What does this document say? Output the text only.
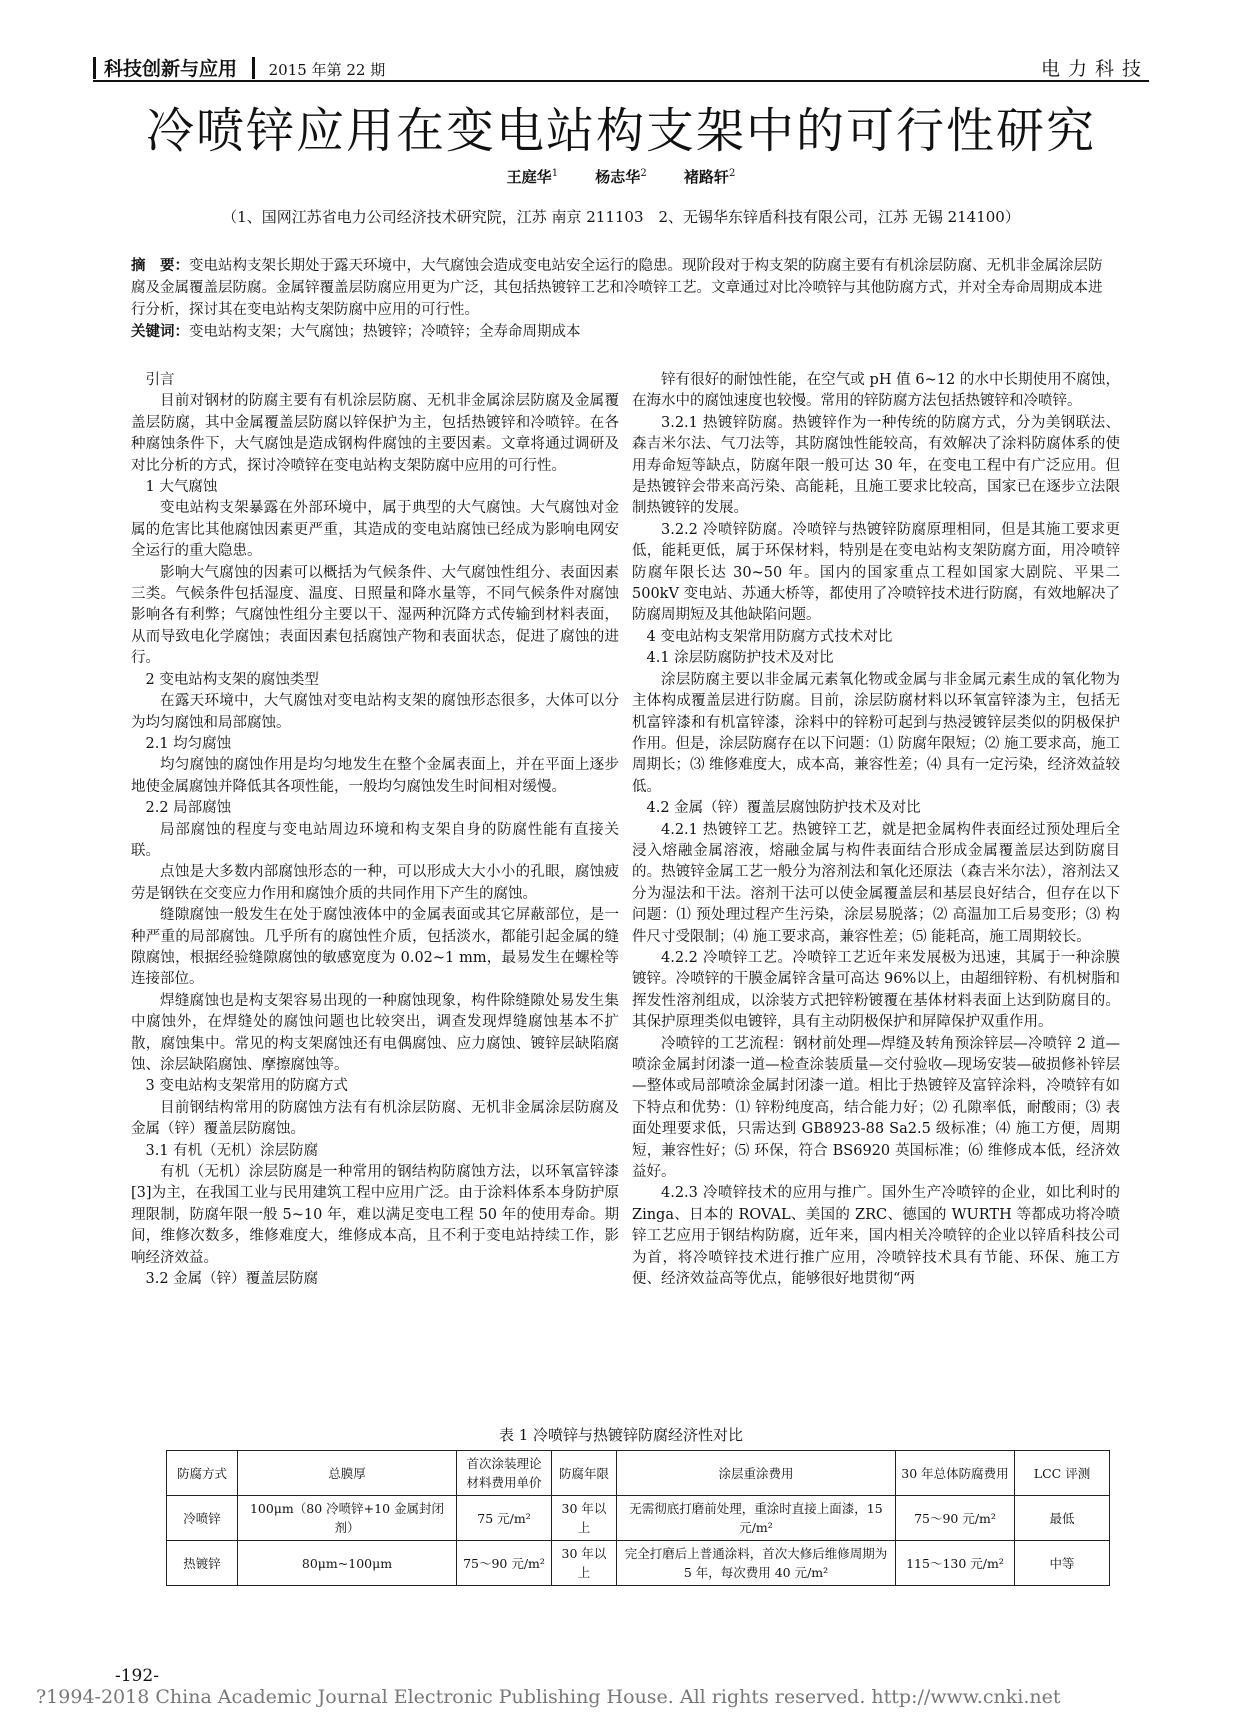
科技创新与应用 2015 年第 22 期	电力科技
冷喷锌应用在变电站构支架中的可行性研究
王庭华$^1$ 杨志华$^2$ 褚路轩$^2$
（1、国网江苏省电力公司经济技术研究院，江苏 南京 211103　2、无锡华东锌盾科技有限公司，江苏 无锡 214100）
摘　要：变电站构支架长期处于露天环境中，大气腐蚀会造成变电站安全运行的隐患。现阶段对于构支架的防腐主要有有机涂层防腐、无机非金属涂层防腐及金属覆盖层防腐。金属锌覆盖层防腐应用更为广泛，其包括热镀锌工艺和冷喷锌工艺。文章通过对比冷喷锌与其他防腐方式，并对全寿命周期成本进行分析，探讨其在变电站构支架防腐中应用的可行性。
关键词：变电站构支架；大气腐蚀；热镀锌；冷喷锌；全寿命周期成本

引言

目前对钢材的防腐主要有有机涂层防腐、无机非金属涂层防腐及金属覆盖层防腐，其中金属覆盖层防腐以锌保护为主，包括热镀锌和冷喷锌。在各种腐蚀条件下，大气腐蚀是造成钢构件腐蚀的主要因素。文章将通过调研及对比分析的方式，探讨冷喷锌在变电站构支架防腐中应用的可行性。

1 大气腐蚀

变电站构支架暴露在外部环境中，属于典型的大气腐蚀。大气腐蚀对金属的危害比其他腐蚀因素更严重，其造成的变电站腐蚀已经成为影响电网安全运行的重大隐患。

影响大气腐蚀的因素可以概括为气候条件、大气腐蚀性组分、表面因素三类。气候条件包括湿度、温度、日照量和降水量等，不同气候条件对腐蚀影响各有利弊；气腐蚀性组分主要以干、湿两种沉降方式传输到材料表面，从而导致电化学腐蚀；表面因素包括腐蚀产物和表面状态，促进了腐蚀的进行。

2 变电站构支架的腐蚀类型

在露天环境中，大气腐蚀对变电站构支架的腐蚀形态很多，大体可以分为均匀腐蚀和局部腐蚀。

2.1 均匀腐蚀

均匀腐蚀的腐蚀作用是均匀地发生在整个金属表面上，并在平面上逐步地使金属腐蚀并降低其各项性能，一般均匀腐蚀发生时间相对缓慢。

2.2 局部腐蚀

局部腐蚀的程度与变电站周边环境和构支架自身的防腐性能有直接关联。

点蚀是大多数内部腐蚀形态的一种，可以形成大大小小的孔眼，腐蚀疲劳是钢铁在交变应力作用和腐蚀介质的共同作用下产生的腐蚀。

缝隙腐蚀一般发生在处于腐蚀液体中的金属表面或其它屏蔽部位，是一种严重的局部腐蚀。几乎所有的腐蚀性介质，包括淡水，都能引起金属的缝隙腐蚀，根据经验缝隙腐蚀的敏感宽度为 0.02~1 mm，最易发生在螺栓等连接部位。

焊缝腐蚀也是构支架容易出现的一种腐蚀现象，构件除缝隙处易发生集中腐蚀外，在焊缝处的腐蚀问题也比较突出，调查发现焊缝腐蚀基本不扩散，腐蚀集中。常见的构支架腐蚀还有电偶腐蚀、应力腐蚀、镀锌层缺陷腐蚀、涂层缺陷腐蚀、摩擦腐蚀等。

3 变电站构支架常用的防腐方式

目前钢结构常用的防腐蚀方法有有机涂层防腐、无机非金属涂层防腐及金属（锌）覆盖层防腐蚀。

3.1 有机（无机）涂层防腐

有机（无机）涂层防腐是一种常用的钢结构防腐蚀方法，以环氧富锌漆[3]为主，在我国工业与民用建筑工程中应用广泛。由于涂料体系本身防护原理限制，防腐年限一般 5~10 年，难以满足变电工程 50 年的使用寿命。期间，维修次数多，维修难度大，维修成本高，且不利于变电站持续工作，影响经济效益。

3.2 金属（锌）覆盖层防腐

锌有很好的耐蚀性能，在空气或 pH 值 6~12 的水中长期使用不腐蚀，在海水中的腐蚀速度也较慢。常用的锌防腐方法包括热镀锌和冷喷锌。

3.2.1 热镀锌防腐。热镀锌作为一种传统的防腐方式，分为美钢联法、森吉米尔法、气刀法等，其防腐蚀性能较高，有效解决了涂料防腐体系的使用寿命短等缺点，防腐年限一般可达 30 年，在变电工程中有广泛应用。但是热镀锌会带来高污染、高能耗，且施工要求比较高，国家已在逐步立法限制热镀锌的发展。

3.2.2 冷喷锌防腐。冷喷锌与热镀锌防腐原理相同，但是其施工要求更低，能耗更低，属于环保材料，特别是在变电站构支架防腐方面，用冷喷锌防腐年限长达 30~50 年。国内的国家重点工程如国家大剧院、平果二 500kV 变电站、苏通大桥等，都使用了冷喷锌技术进行防腐，有效地解决了防腐周期短及其他缺陷问题。

4 变电站构支架常用防腐方式技术对比

4.1 涂层防腐防护技术及对比

涂层防腐主要以非金属元素氧化物或金属与非金属元素生成的氧化物为主体构成覆盖层进行防腐。目前，涂层防腐材料以环氧富锌漆为主，包括无机富锌漆和有机富锌漆，涂料中的锌粉可起到与热浸镀锌层类似的阴极保护作用。但是，涂层防腐存在以下问题：⑴ 防腐年限短；⑵ 施工要求高，施工周期长；⑶ 维修难度大，成本高，兼容性差；⑷ 具有一定污染，经济效益较低。

4.2 金属（锌）覆盖层腐蚀防护技术及对比

4.2.1 热镀锌工艺。热镀锌工艺，就是把金属构件表面经过预处理后全浸入熔融金属溶液，熔融金属与构件表面结合形成金属覆盖层达到防腐目的。热镀锌金属工艺一般分为溶剂法和氧化还原法（森吉米尔法），溶剂法又分为湿法和干法。溶剂干法可以使金属覆盖层和基层良好结合，但存在以下问题：⑴ 预处理过程产生污染，涂层易脱落；⑵ 高温加工后易变形；⑶ 构件尺寸受限制；⑷ 施工要求高，兼容性差；⑸ 能耗高，施工周期较长。

4.2.2 冷喷锌工艺。冷喷锌工艺近年来发展极为迅速，其属于一种涂膜镀锌。冷喷锌的干膜金属锌含量可高达 96%以上，由超细锌粉、有机树脂和挥发性溶剂组成，以涂装方式把锌粉镀覆在基体材料表面上达到防腐目的。其保护原理类似电镀锌，具有主动阴极保护和屏障保护双重作用。

冷喷锌的工艺流程：钢材前处理—焊缝及转角预涂锌层—冷喷锌 2 道—喷涂金属封闭漆一道—检查涂装质量—交付验收—现场安装—破损修补锌层—整体或局部喷涂金属封闭漆一道。相比于热镀锌及富锌涂料，冷喷锌有如下特点和优势：⑴ 锌粉纯度高，结合能力好；⑵ 孔隙率低，耐酸雨；⑶ 表面处理要求低，只需达到 GB8923-88 Sa2.5 级标准；⑷ 施工方便，周期短，兼容性好；⑸ 环保，符合 BS6920 英国标准；⑹ 维修成本低，经济效益好。

4.2.3 冷喷锌技术的应用与推广。国外生产冷喷锌的企业，如比利时的 Zinga、日本的 ROVAL、美国的 ZRC、德国的 WURTH 等都成功将冷喷锌工艺应用于钢结构防腐，近年来，国内相关冷喷锌的企业以锌盾科技公司为首，将冷喷锌技术进行推广应用，冷喷锌技术具有节能、环保、施工方便、经济效益高等优点，能够很好地贯彻“两

表 1 冷喷锌与热镀锌防腐经济性对比
防腐方式	总膜厚	首次涂装理论材料费用单价	防腐年限	涂层重涂费用	30 年总体防腐费用	LCC 评测
冷喷锌	100μm（80 冷喷锌+10 金属封闭剂）	75 元/m²	30 年以上	无需彻底打磨前处理，重涂时直接上面漆，15 元/m²	75～90 元/m²	最低
热镀锌	80μm~100μm	75～90 元/m²	30 年以上	完全打磨后上普通涂料，首次大修后维修周期为 5 年，每次费用 40 元/m²	115～130 元/m²	中等
-192-
?1994-2018 China Academic Journal Electronic Publishing House. All rights reserved. http://www.cnki.net
